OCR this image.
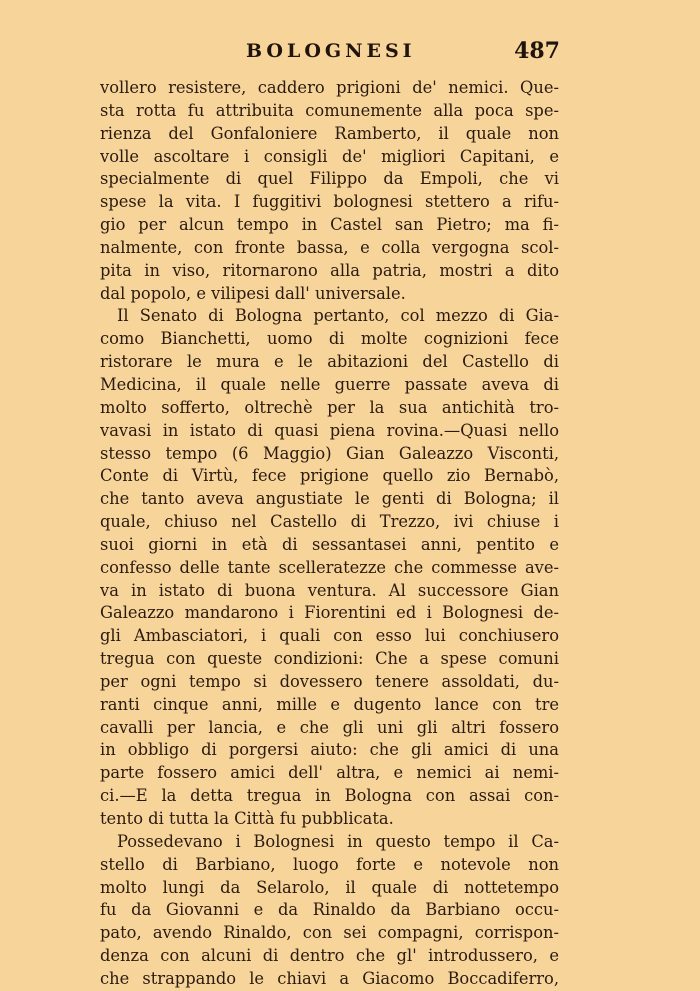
BOLOGNESI	487
vollero resistere, caddero prigioni de' nemici. Que-
sta rotta fu attribuita comunemente alla poca spe-
rienza del Gonfaloniere Ramberto, il quale non
volle ascoltare i consigli de' migliori Capitani, e
specialmente di quel Filippo da Empoli, che vi
spese la vita. I fuggitivi bolognesi stettero a rifu-
gio per alcun tempo in Castel san Pietro; ma fi-
nalmente, con fronte bassa, e colla vergogna scol-
pita in viso, ritornarono alla patria, mostri a dito
dal popolo, e vilipesi dall' universale.
Il Senato di Bologna pertanto, col mezzo di Gia-
como Bianchetti, uomo di molte cognizioni fece
ristorare le mura e le abitazioni del Castello di
Medicina, il quale nelle guerre passate aveva di
molto sofferto, oltrechè per la sua antichità tro-
vavasi in istato di quasi piena rovina.—Quasi nello
stesso tempo (6 Maggio) Gian Galeazzo Visconti,
Conte di Virtù, fece prigione quello zio Bernabò,
che tanto aveva angustiate le genti di Bologna; il
quale, chiuso nel Castello di Trezzo, ivi chiuse i
suoi giorni in età di sessantasei anni, pentito e
confesso delle tante scelleratezze che commesse ave-
va in istato di buona ventura. Al successore Gian
Galeazzo mandarono i Fiorentini ed i Bolognesi de-
gli Ambasciatori, i quali con esso lui conchiusero
tregua con queste condizioni: Che a spese comuni
per ogni tempo si dovessero tenere assoldati, du-
ranti cinque anni, mille e dugento lance con tre
cavalli per lancia, e che gli uni gli altri fossero
in obbligo di porgersi aiuto: che gli amici di una
parte fossero amici dell' altra, e nemici ai nemi-
ci.—E la detta tregua in Bologna con assai con-
tento di tutta la Città fu pubblicata.
Possedevano i Bolognesi in questo tempo il Ca-
stello di Barbiano, luogo forte e notevole non
molto lungi da Selarolo, il quale di nottetempo
fu da Giovanni e da Rinaldo da Barbiano occu-
pato, avendo Rinaldo, con sei compagni, corrispon-
denza con alcuni di dentro che gl' introdussero, e
che strappando le chiavi a Giacomo Boccadiferro,
